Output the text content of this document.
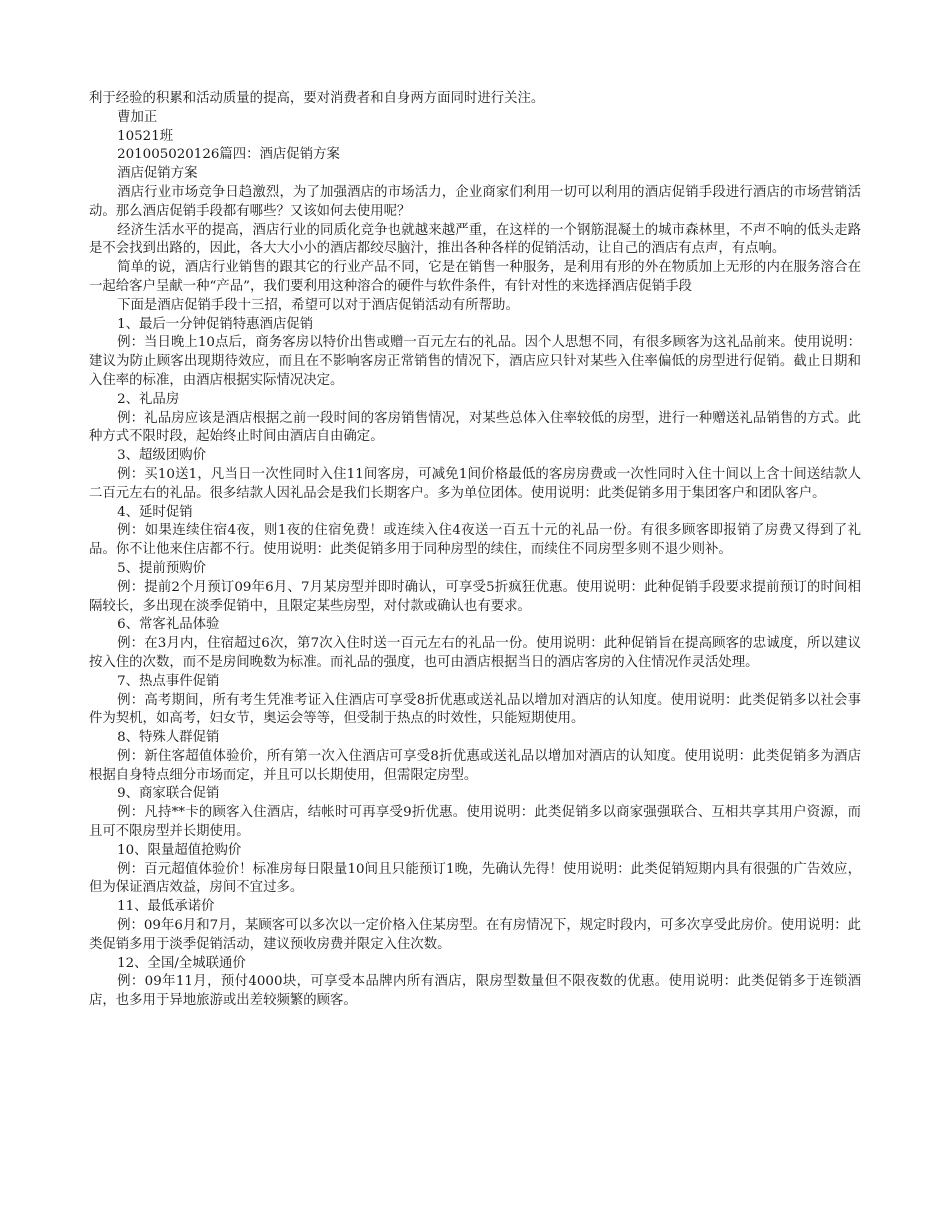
利于经验的积累和活动质量的提高，要对消费者和自身两方面同时进行关注。

曹加正

10521班

201005020126篇四：酒店促销方案

酒店促销方案

酒店行业市场竞争日趋激烈，为了加强酒店的市场活力，企业商家们利用一切可以利用的酒店促销手段进行酒店的市场营销活动。那么酒店促销手段都有哪些？又该如何去使用呢？

经济生活水平的提高，酒店行业的同质化竞争也就越来越严重，在这样的一个钢筋混凝土的城市森林里，不声不响的低头走路是不会找到出路的，因此，各大大小小的酒店都绞尽脑汁，推出各种各样的促销活动，让自己的酒店有点声，有点响。

简单的说，酒店行业销售的跟其它的行业产品不同，它是在销售一种服务，是利用有形的外在物质加上无形的内在服务溶合在一起给客户呈献一种“产品”，我们要利用这种溶合的硬件与软件条件，有针对性的来选择酒店促销手段

下面是酒店促销手段十三招，希望可以对于酒店促销活动有所帮助。

1、最后一分钟促销特惠酒店促销

例：当日晚上10点后，商务客房以特价出售或赠一百元左右的礼品。因个人思想不同，有很多顾客为这礼品前来。使用说明：建议为防止顾客出现期待效应，而且在不影响客房正常销售的情况下，酒店应只针对某些入住率偏低的房型进行促销。截止日期和入住率的标准，由酒店根据实际情况决定。

2、礼品房

例：礼品房应该是酒店根据之前一段时间的客房销售情况，对某些总体入住率较低的房型，进行一种赠送礼品销售的方式。此种方式不限时段，起始终止时间由酒店自由确定。

3、超级团购价

例：买10送1，凡当日一次性同时入住11间客房，可减免1间价格最低的客房房费或一次性同时入住十间以上含十间送结款人二百元左右的礼品。很多结款人因礼品会是我们长期客户。多为单位团体。使用说明：此类促销多用于集团客户和团队客户。

4、延时促销

例：如果连续住宿4夜，则1夜的住宿免费！或连续入住4夜送一百五十元的礼品一份。有很多顾客即报销了房费又得到了礼品。你不让他来住店都不行。使用说明：此类促销多用于同种房型的续住，而续住不同房型多则不退少则补。

5、提前预购价

例：提前2个月预订09年6月、7月某房型并即时确认，可享受5折疯狂优惠。使用说明：此种促销手段要求提前预订的时间相隔较长，多出现在淡季促销中，且限定某些房型，对付款或确认也有要求。

6、常客礼品体验

例：在3月内，住宿超过6次，第7次入住时送一百元左右的礼品一份。使用说明：此种促销旨在提高顾客的忠诚度，所以建议按入住的次数，而不是房间晚数为标准。而礼品的强度，也可由酒店根据当日的酒店客房的入住情况作灵活处理。

7、热点事件促销

例：高考期间，所有考生凭准考证入住酒店可享受8折优惠或送礼品以增加对酒店的认知度。使用说明：此类促销多以社会事件为契机，如高考，妇女节，奥运会等等，但受制于热点的时效性，只能短期使用。

8、特殊人群促销

例：新住客超值体验价，所有第一次入住酒店可享受8折优惠或送礼品以增加对酒店的认知度。使用说明：此类促销多为酒店根据自身特点细分市场而定，并且可以长期使用，但需限定房型。

9、商家联合促销

例：凡持**卡的顾客入住酒店，结帐时可再享受9折优惠。使用说明：此类促销多以商家强强联合、互相共享其用户资源，而且可不限房型并长期使用。

10、限量超值抢购价

例：百元超值体验价！标准房每日限量10间且只能预订1晚，先确认先得！使用说明：此类促销短期内具有很强的广告效应，但为保证酒店效益，房间不宜过多。

11、最低承诺价

例：09年6月和7月，某顾客可以多次以一定价格入住某房型。在有房情况下，规定时段内，可多次享受此房价。使用说明：此类促销多用于淡季促销活动，建议预收房费并限定入住次数。

12、全国/全城联通价

例：09年11月，预付4000块，可享受本品牌内所有酒店，限房型数量但不限夜数的优惠。使用说明：此类促销多于连锁酒店，也多用于异地旅游或出差较频繁的顾客。
